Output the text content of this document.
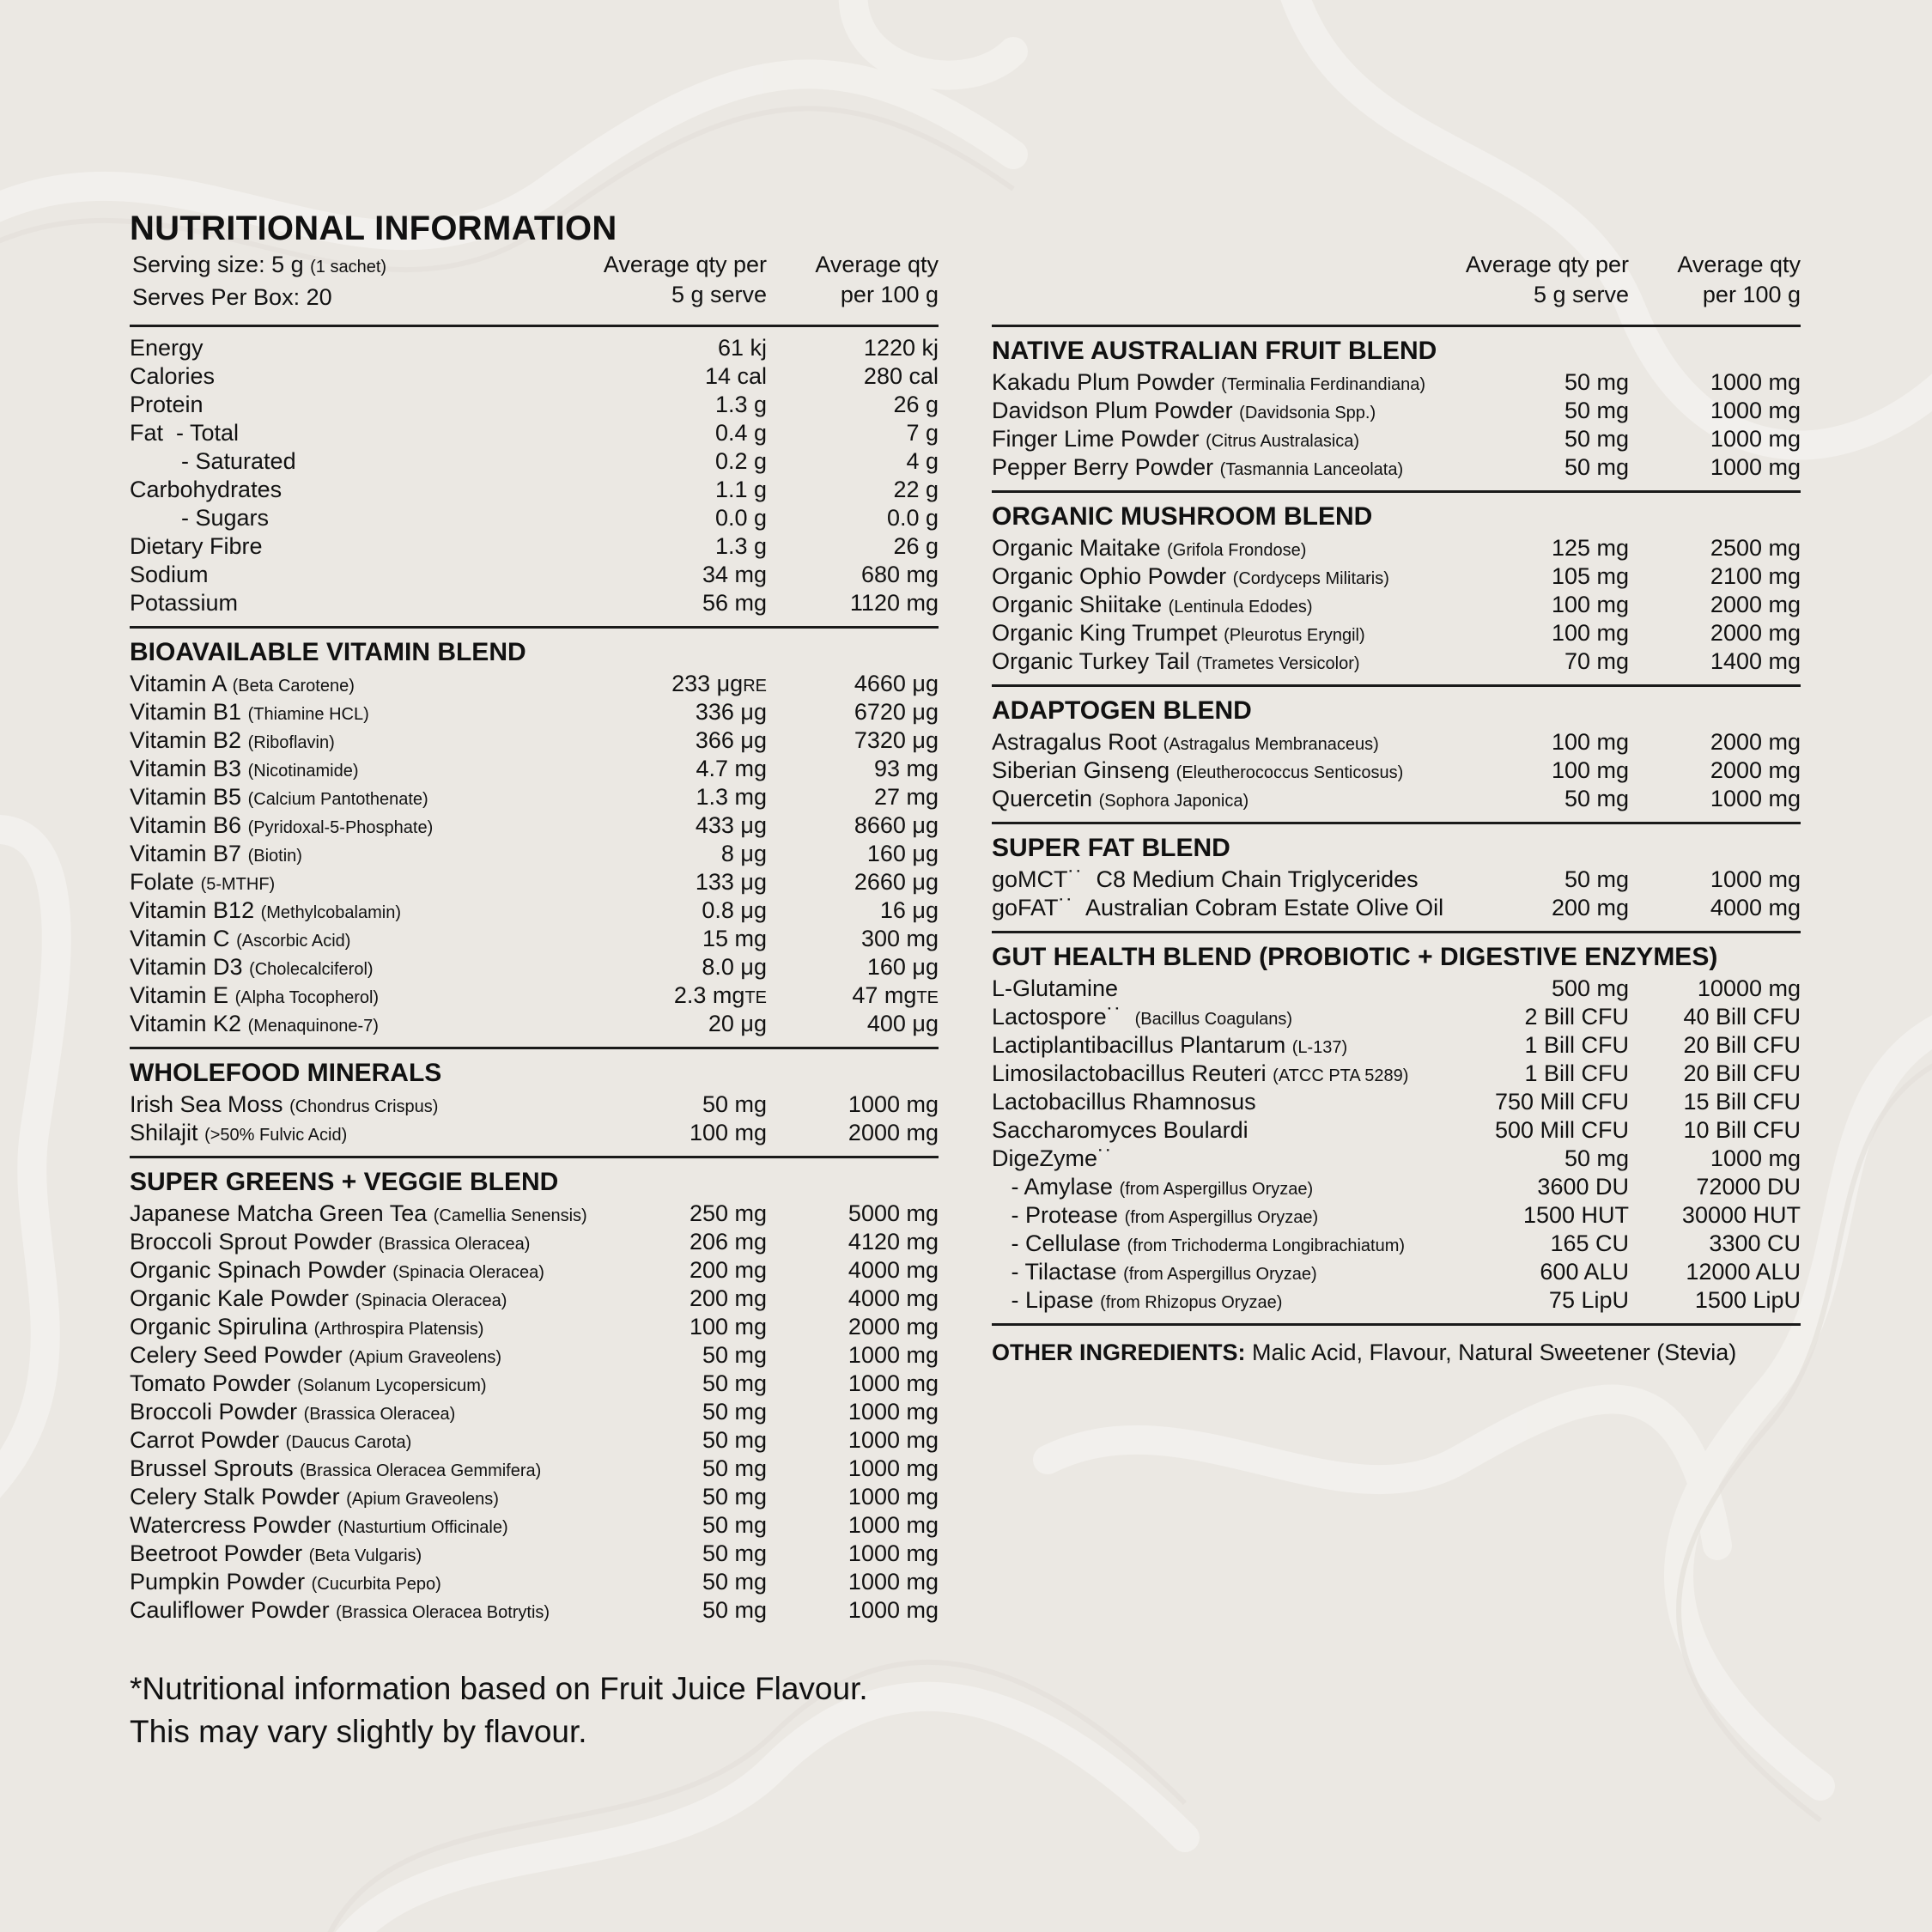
NUTRITIONAL INFORMATION
Serving size: 5 g (1 sachet)
Serves Per Box: 20
Average qty per
5 g serve
Average qty
per 100 g
Average qty per
5 g serve
Average qty
per 100 g
Energy	61 kj	1220 kj
Calories	14 cal	280 cal
Protein	1.3 g	26 g
Fat  - Total	0.4 g	7 g
- Saturated	0.2 g	4 g
Carbohydrates	1.1 g	22 g
- Sugars	0.0 g	0.0 g
Dietary Fibre	1.3 g	26 g
Sodium	34 mg	680 mg
Potassium	56 mg	1120 mg
BIOAVAILABLE VITAMIN BLEND
Vitamin A (Beta Carotene)	233 μgRE	4660 μg
Vitamin B1 (Thiamine HCL)	336 μg	6720 μg
Vitamin B2 (Riboflavin)	366 μg	7320 μg
Vitamin B3 (Nicotinamide)	4.7 mg	93 mg
Vitamin B5 (Calcium Pantothenate)	1.3 mg	27 mg
Vitamin B6 (Pyridoxal-5-Phosphate)	433 μg	8660 μg
Vitamin B7 (Biotin)	8 μg	160 μg
Folate (5-MTHF)	133 μg	2660 μg
Vitamin B12 (Methylcobalamin)	0.8 μg	16 μg
Vitamin C (Ascorbic Acid)	15 mg	300 mg
Vitamin D3 (Cholecalciferol)	8.0 μg	160 μg
Vitamin E (Alpha Tocopherol)	2.3 mgTE	47 mgTE
Vitamin K2 (Menaquinone-7)	20 μg	400 μg
WHOLEFOOD MINERALS
Irish Sea Moss (Chondrus Crispus)	50 mg	1000 mg
Shilajit (>50% Fulvic Acid)	100 mg	2000 mg
SUPER GREENS + VEGGIE BLEND
Japanese Matcha Green Tea (Camellia Senensis)	250 mg	5000 mg
Broccoli Sprout Powder (Brassica Oleracea)	206 mg	4120 mg
Organic Spinach Powder (Spinacia Oleracea)	200 mg	4000 mg
Organic Kale Powder (Spinacia Oleracea)	200 mg	4000 mg
Organic Spirulina (Arthrospira Platensis)	100 mg	2000 mg
Celery Seed Powder (Apium Graveolens)	50 mg	1000 mg
Tomato Powder (Solanum Lycopersicum)	50 mg	1000 mg
Broccoli Powder (Brassica Oleracea)	50 mg	1000 mg
Carrot Powder (Daucus Carota)	50 mg	1000 mg
Brussel Sprouts (Brassica Oleracea Gemmifera)	50 mg	1000 mg
Celery Stalk Powder (Apium Graveolens)	50 mg	1000 mg
Watercress Powder (Nasturtium Officinale)	50 mg	1000 mg
Beetroot Powder (Beta Vulgaris)	50 mg	1000 mg
Pumpkin Powder (Cucurbita Pepo)	50 mg	1000 mg
Cauliflower Powder (Brassica Oleracea Botrytis)	50 mg	1000 mg
NATIVE AUSTRALIAN FRUIT BLEND
Kakadu Plum Powder (Terminalia Ferdinandiana)	50 mg	1000 mg
Davidson Plum Powder (Davidsonia Spp.)	50 mg	1000 mg
Finger Lime Powder (Citrus Australasica)	50 mg	1000 mg
Pepper Berry Powder (Tasmannia Lanceolata)	50 mg	1000 mg
ORGANIC MUSHROOM BLEND
Organic Maitake (Grifola Frondose)	125 mg	2500 mg
Organic Ophio Powder (Cordyceps Militaris)	105 mg	2100 mg
Organic Shiitake (Lentinula Edodes)	100 mg	2000 mg
Organic King Trumpet (Pleurotus Eryngil)	100 mg	2000 mg
Organic Turkey Tail (Trametes Versicolor)	70 mg	1400 mg
ADAPTOGEN BLEND
Astragalus Root (Astragalus Membranaceus)	100 mg	2000 mg
Siberian Ginseng (Eleutherococcus Senticosus)	100 mg	2000 mg
Quercetin (Sophora Japonica)	50 mg	1000 mg
SUPER FAT BLEND
goMCT˙˙  C8 Medium Chain Triglycerides	50 mg	1000 mg
goFAT˙˙  Australian Cobram Estate Olive Oil	200 mg	4000 mg
GUT HEALTH BLEND (PROBIOTIC + DIGESTIVE ENZYMES)
L-Glutamine	500 mg	10000 mg
Lactospore˙˙  (Bacillus Coagulans)	2 Bill CFU	40 Bill CFU
Lactiplantibacillus Plantarum (L-137)	1 Bill CFU	20 Bill CFU
Limosilactobacillus Reuteri (ATCC PTA 5289)	1 Bill CFU	20 Bill CFU
Lactobacillus Rhamnosus	750 Mill CFU	15 Bill CFU
Saccharomyces Boulardi	500 Mill CFU	10 Bill CFU
DigeZyme˙˙	50 mg	1000 mg
- Amylase (from Aspergillus Oryzae)	3600 DU	72000 DU
- Protease (from Aspergillus Oryzae)	1500 HUT	30000 HUT
- Cellulase (from Trichoderma Longibrachiatum)	165 CU	3300 CU
- Tilactase (from Aspergillus Oryzae)	600 ALU	12000 ALU
- Lipase (from Rhizopus Oryzae)	75 LipU	1500 LipU
OTHER INGREDIENTS: Malic Acid, Flavour, Natural Sweetener (Stevia)
*Nutritional information based on Fruit Juice Flavour.
This may vary slightly by flavour.
